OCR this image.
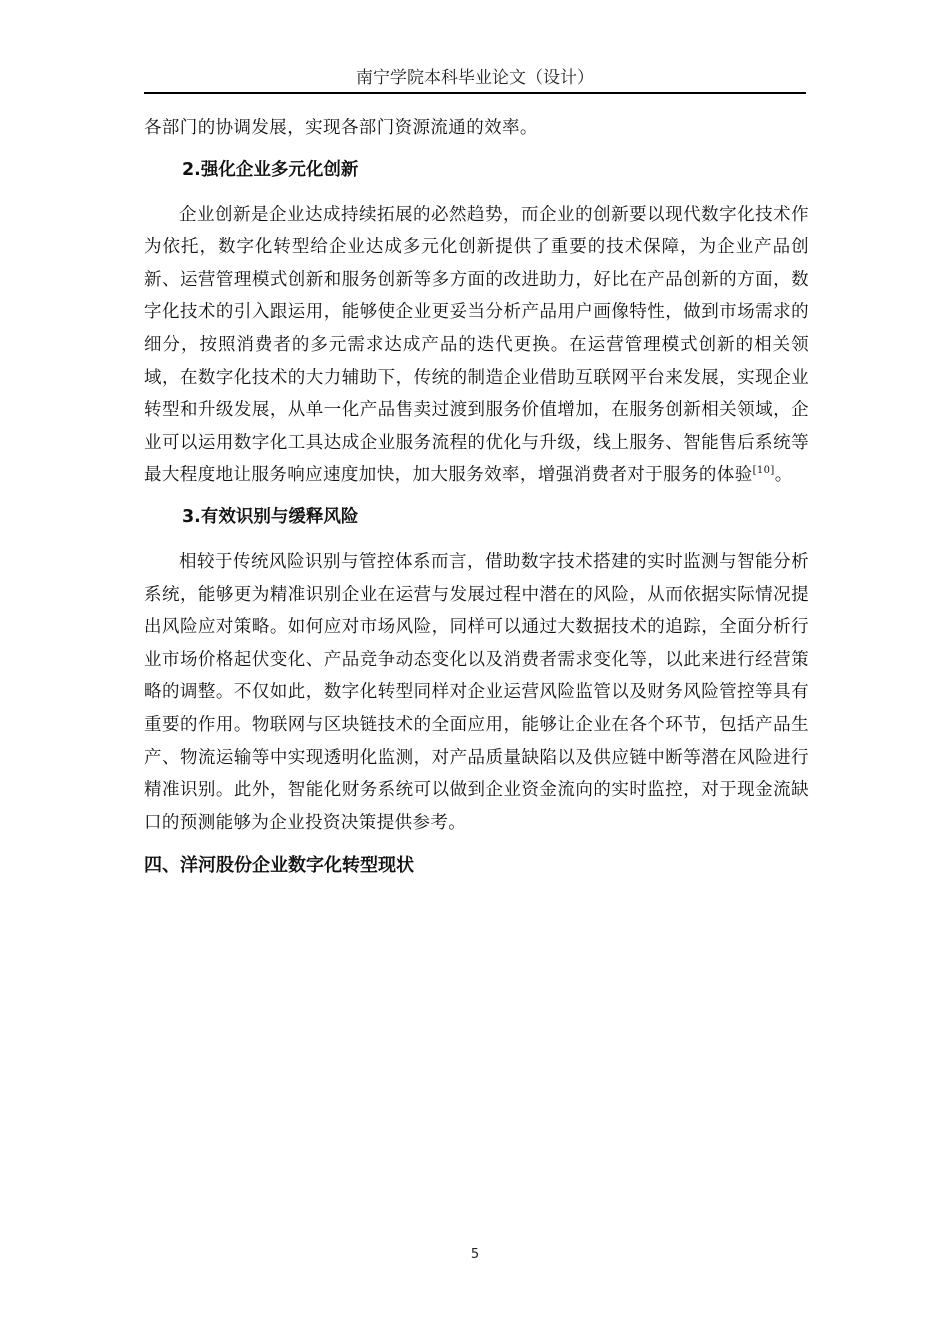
南宁学院本科毕业论文（设计）

各部门的协调发展，实现各部门资源流通的效率。

2.强化企业多元化创新

企业创新是企业达成持续拓展的必然趋势，而企业的创新要以现代数字化技术作为依托，数字化转型给企业达成多元化创新提供了重要的技术保障，为企业产品创新、运营管理模式创新和服务创新等多方面的改进助力，好比在产品创新的方面，数字化技术的引入跟运用，能够使企业更妥当分析产品用户画像特性，做到市场需求的细分，按照消费者的多元需求达成产品的迭代更换。在运营管理模式创新的相关领域，在数字化技术的大力辅助下，传统的制造企业借助互联网平台来发展，实现企业转型和升级发展，从单一化产品售卖过渡到服务价值增加，在服务创新相关领域，企业可以运用数字化工具达成企业服务流程的优化与升级，线上服务、智能售后系统等最大程度地让服务响应速度加快，加大服务效率，增强消费者对于服务的体验[10]。

3.有效识别与缓释风险

相较于传统风险识别与管控体系而言，借助数字技术搭建的实时监测与智能分析系统，能够更为精准识别企业在运营与发展过程中潜在的风险，从而依据实际情况提出风险应对策略。如何应对市场风险，同样可以通过大数据技术的追踪，全面分析行业市场价格起伏变化、产品竞争动态变化以及消费者需求变化等，以此来进行经营策略的调整。不仅如此，数字化转型同样对企业运营风险监管以及财务风险管控等具有重要的作用。物联网与区块链技术的全面应用，能够让企业在各个环节，包括产品生产、物流运输等中实现透明化监测，对产品质量缺陷以及供应链中断等潜在风险进行精准识别。此外，智能化财务系统可以做到企业资金流向的实时监控，对于现金流缺口的预测能够为企业投资决策提供参考。

四、洋河股份企业数字化转型现状
5
